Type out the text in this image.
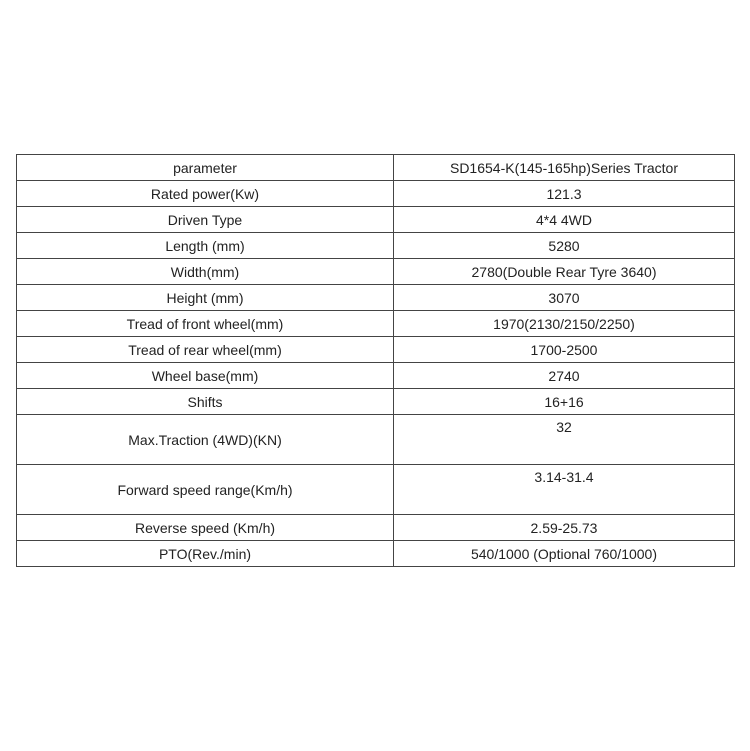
parameter	SD1654-K(145-165hp)Series Tractor
Rated power(Kw)	121.3
Driven Type	4*4 4WD
Length (mm)	5280
Width(mm)	2780(Double Rear Tyre 3640)
Height (mm)	3070
Tread of front wheel(mm)	1970(2130/2150/2250)
Tread of rear wheel(mm)	1700-2500
Wheel base(mm)	2740
Shifts	16+16
Max.Traction (4WD)(KN)	32
Forward speed range(Km/h)	3.14-31.4
Reverse speed (Km/h)	2.59-25.73
PTO(Rev./min)	540/1000 (Optional 760/1000)
